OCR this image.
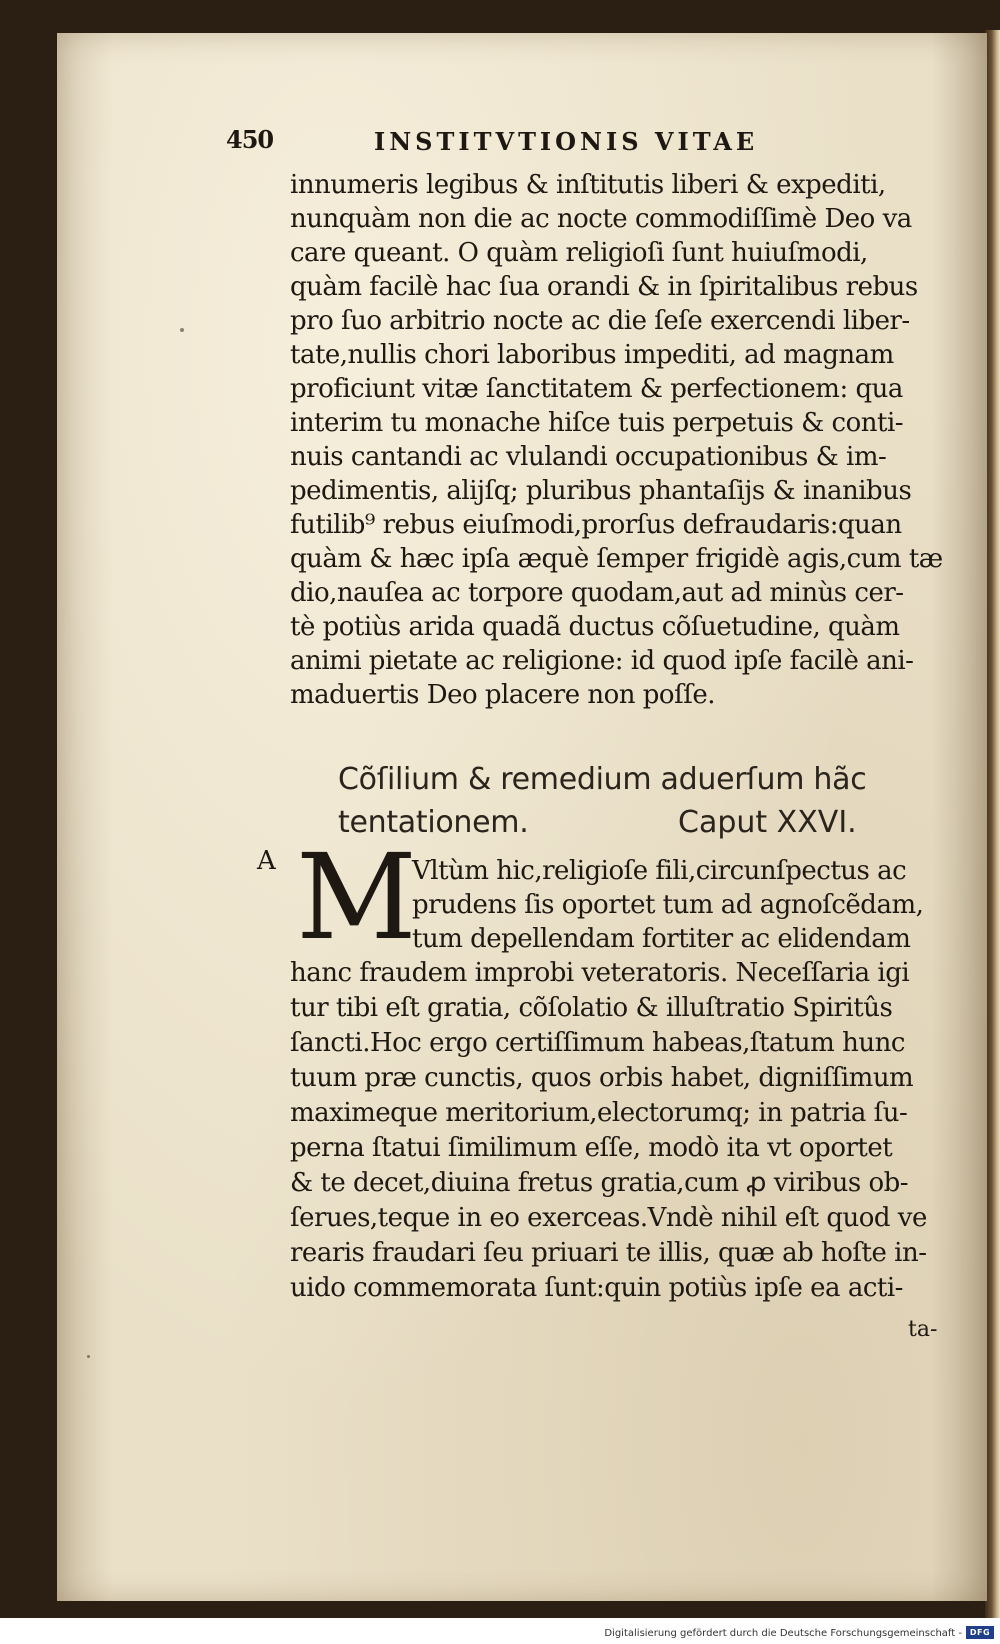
450	INSTITVTIONIS VITAE
innumeris legibus & inſtitutis liberi & expediti,
nunquàm non die ac nocte commodiſſimè Deo va
care queant. O quàm religioſi ſunt huiuſmodi,
quàm facilè hac ſua orandi & in ſpiritalibus rebus
pro ſuo arbitrio nocte ac die ſeſe exercendi liber-
tate,nullis chori laboribus impediti, ad magnam
proficiunt vitæ ſanctitatem & perfectionem: qua
interim tu monache hiſce tuis perpetuis & conti-
nuis cantandi ac vlulandi occupationibus & im-
pedimentis, alijſq; pluribus phantaſijs & inanibus
futilib⁹ rebus eiuſmodi,prorſus defraudaris:quan
quàm & hæc ipſa æquè ſemper frigidè agis,cum tæ
dio,nauſea ac torpore quodam,aut ad minùs cer-
tè potiùs arida quadã ductus cõſuetudine, quàm
animi pietate ac religione: id quod ipſe facilè ani-
maduertis Deo placere non poſſe.
Cõſilium & remedium aduerſum hãc
tentationem.	Caput XXVI.
A M
Vltùm hic,religioſe fili,circunſpectus ac
prudens ſis oportet tum ad agnoſcẽdam,
tum depellendam fortiter ac elidendam
hanc fraudem improbi veteratoris. Neceſſaria igi
tur tibi eſt gratia, cõſolatio & illuſtratio Spiritûs
ſancti.Hoc ergo certiſſimum habeas,ſtatum hunc
tuum præ cunctis, quos orbis habet, digniſſimum
maximeque meritorium,electorumq; in patria ſu-
perna ſtatui ſimilimum eſſe, modò ita vt oportet
& te decet,diuina fretus gratia,cum ꝓ viribus ob-
ſerues,teque in eo exerceas.Vndè nihil eſt quod ve
rearis fraudari ſeu priuari te illis, quæ ab hoſte in-
uido commemorata ſunt:quin potiùs ipſe ea acti-
ta-
Digitalisierung gefördert durch die Deutsche Forschungsgemeinschaft - DFG
